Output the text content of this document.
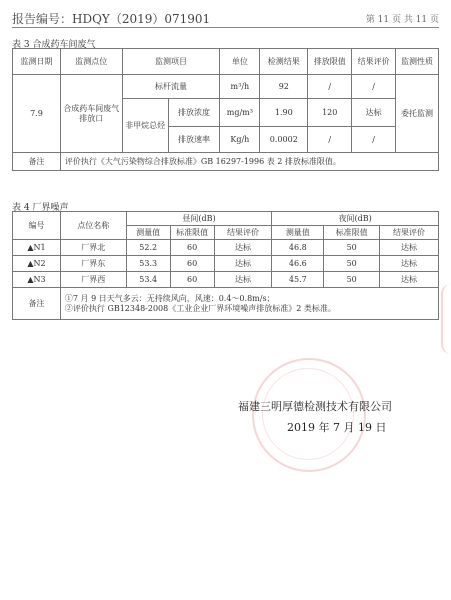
报告编号：HDQY（2019）071901	第 11 页 共 11 页
表 3 合成药车间废气
监测日期	监测点位	监测项目		单位	检测结果	排放限值	结果评价	监测性质
7.9	合成药车间废气排放口	标杆流量		m³/h	92	/	/	委托监测
		非甲烷总烃	排放浓度	mg/m³	1.90	120	达标	
			排放速率	Kg/h	0.0002	/	/	
备注	评价执行《大气污染物综合排放标准》GB 16297-1996 表 2 排放标准限值。							
表 4 厂界噪声
编号	点位名称	昼间(dB)			夜间(dB)		
		测量值	标准限值	结果评价	测量值	标准限值	结果评价
▲N1	厂界北	52.2	60	达标	46.8	50	达标
▲N2	厂界东	53.3	60	达标	46.6	50	达标
▲N3	厂界西	53.4	60	达标	45.7	50	达标
备注	①7 月 9 日天气多云：无持续风向，风速：0.4～0.8m/s；
②评价执行 GB12348-2008《工业企业厂界环境噪声排放标准》2 类标准。						
福建三明厚德检测技术有限公司
2019 年 7 月 19 日
